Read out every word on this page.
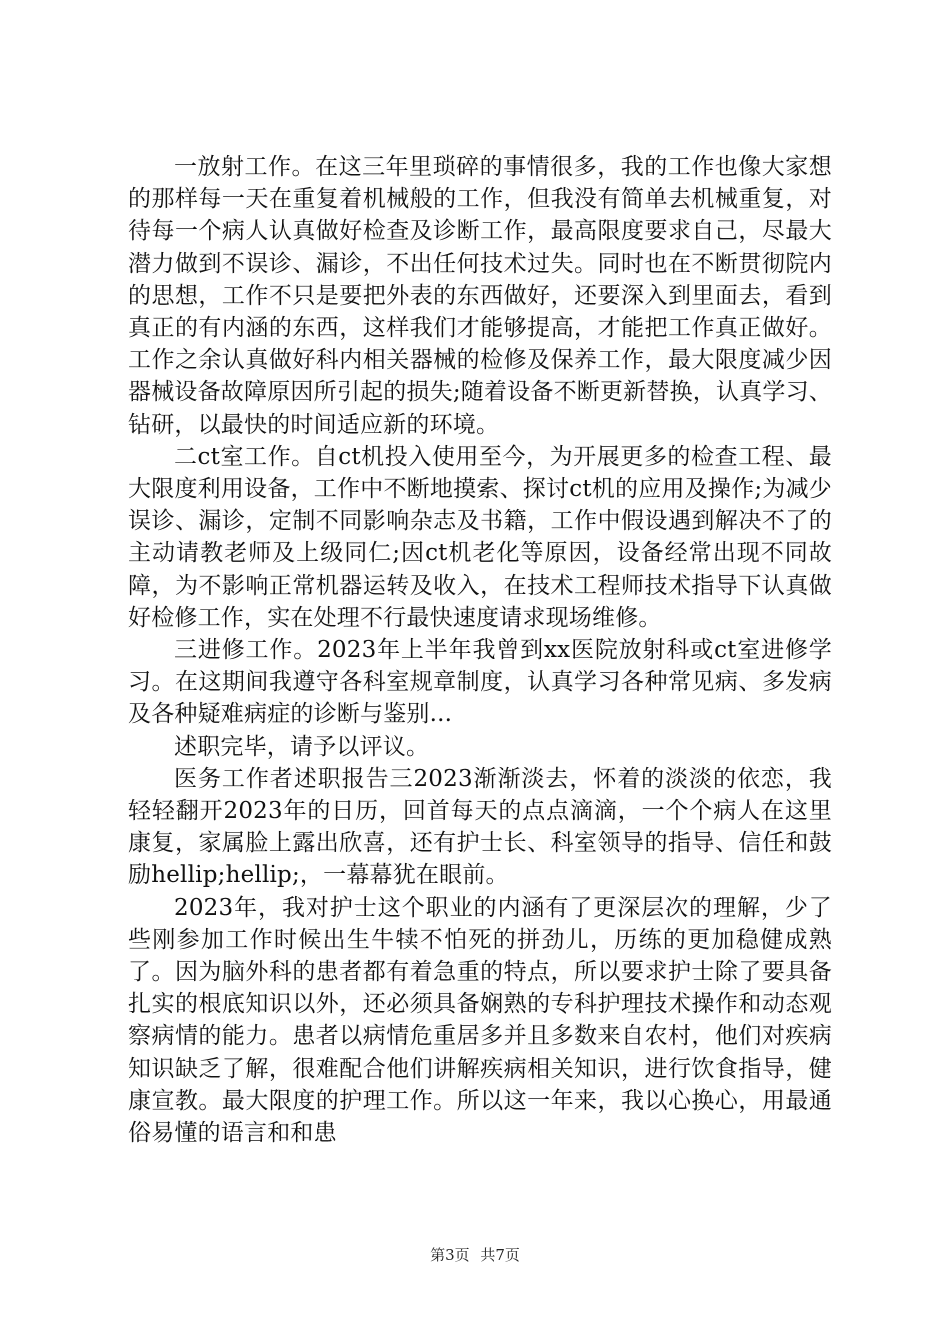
一放射工作。在这三年里琐碎的事情很多，我的工作也像大家想的那样每一天在重复着机械般的工作，但我没有简单去机械重复，对待每一个病人认真做好检查及诊断工作，最高限度要求自己，尽最大潜力做到不误诊、漏诊，不出任何技术过失。同时也在不断贯彻院内的思想，工作不只是要把外表的东西做好，还要深入到里面去，看到真正的有内涵的东西，这样我们才能够提高，才能把工作真正做好。工作之余认真做好科内相关器械的检修及保养工作，最大限度减少因器械设备故障原因所引起的损失;随着设备不断更新替换，认真学习、钻研，以最快的时间适应新的环境。

二ct室工作。自ct机投入使用至今，为开展更多的检查工程、最大限度利用设备，工作中不断地摸索、探讨ct机的应用及操作;为减少误诊、漏诊，定制不同影响杂志及书籍，工作中假设遇到解决不了的主动请教老师及上级同仁;因ct机老化等原因，设备经常出现不同故障，为不影响正常机器运转及收入，在技术工程师技术指导下认真做好检修工作，实在处理不行最快速度请求现场维修。

三进修工作。2023年上半年我曾到xx医院放射科或ct室进修学习。在这期间我遵守各科室规章制度，认真学习各种常见病、多发病及各种疑难病症的诊断与鉴别...

述职完毕，请予以评议。

医务工作者述职报告三2023渐渐淡去，怀着的淡淡的依恋，我轻轻翻开2023年的日历，回首每天的点点滴滴，一个个病人在这里康复，家属脸上露出欣喜，还有护士长、科室领导的指导、信任和鼓励hellip;hellip;，一幕幕犹在眼前。

2023年，我对护士这个职业的内涵有了更深层次的理解，少了些刚参加工作时候出生牛犊不怕死的拼劲儿，历练的更加稳健成熟了。因为脑外科的患者都有着急重的特点，所以要求护士除了要具备扎实的根底知识以外，还必须具备娴熟的专科护理技术操作和动态观察病情的能力。患者以病情危重居多并且多数来自农村，他们对疾病知识缺乏了解，很难配合他们讲解疾病相关知识，进行饮食指导，健康宣教。最大限度的护理工作。所以这一年来，我以心换心，用最通俗易懂的语言和和患

第3页 共7页
